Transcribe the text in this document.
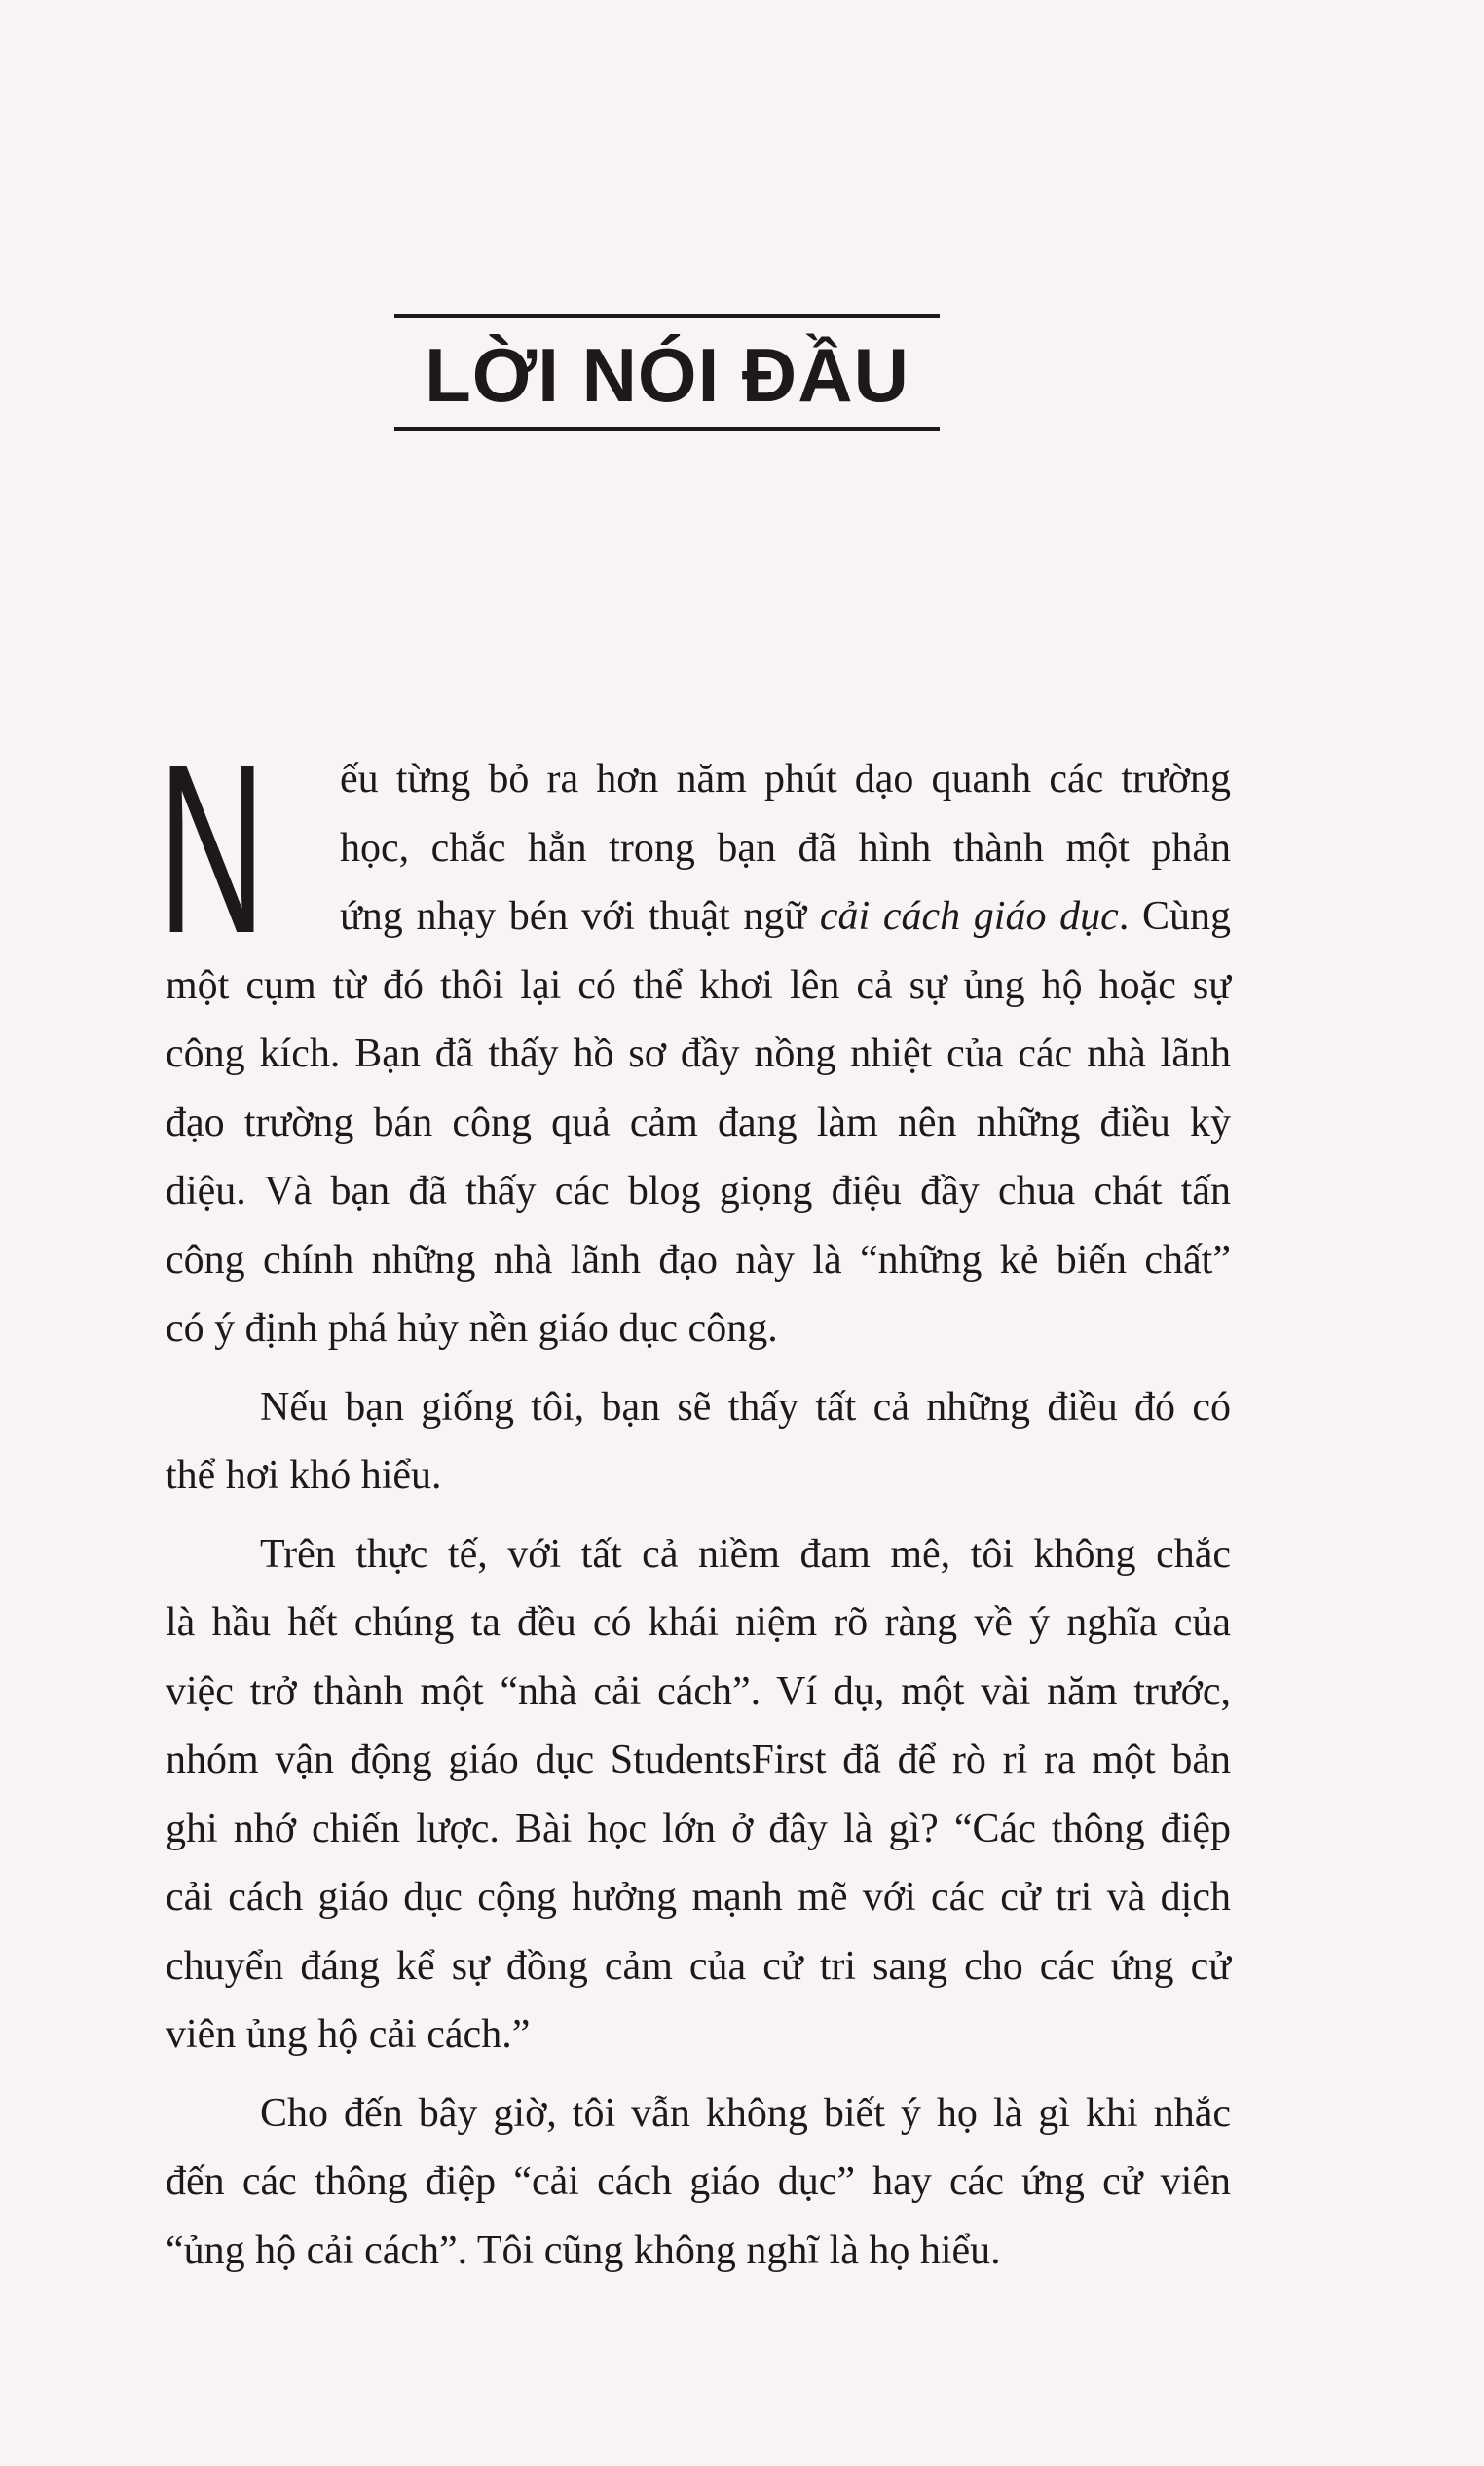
LỜI NÓI ĐẦU
N ếu từng bỏ ra hơn năm phút dạo quanh các trường
học, chắc hẳn trong bạn đã hình thành một phản
ứng nhạy bén với thuật ngữ cải cách giáo dục. Cùng
một cụm từ đó thôi lại có thể khơi lên cả sự ủng hộ hoặc sự
công kích. Bạn đã thấy hồ sơ đầy nồng nhiệt của các nhà lãnh
đạo trường bán công quả cảm đang làm nên những điều kỳ
diệu. Và bạn đã thấy các blog giọng điệu đầy chua chát tấn
công chính những nhà lãnh đạo này là “những kẻ biến chất”
có ý định phá hủy nền giáo dục công.
Nếu bạn giống tôi, bạn sẽ thấy tất cả những điều đó có
thể hơi khó hiểu.
Trên thực tế, với tất cả niềm đam mê, tôi không chắc
là hầu hết chúng ta đều có khái niệm rõ ràng về ý nghĩa của
việc trở thành một “nhà cải cách”. Ví dụ, một vài năm trước,
nhóm vận động giáo dục StudentsFirst đã để rò rỉ ra một bản
ghi nhớ chiến lược. Bài học lớn ở đây là gì? “Các thông điệp
cải cách giáo dục cộng hưởng mạnh mẽ với các cử tri và dịch
chuyển đáng kể sự đồng cảm của cử tri sang cho các ứng cử
viên ủng hộ cải cách.”
Cho đến bây giờ, tôi vẫn không biết ý họ là gì khi nhắc
đến các thông điệp “cải cách giáo dục” hay các ứng cử viên
“ủng hộ cải cách”. Tôi cũng không nghĩ là họ hiểu.
